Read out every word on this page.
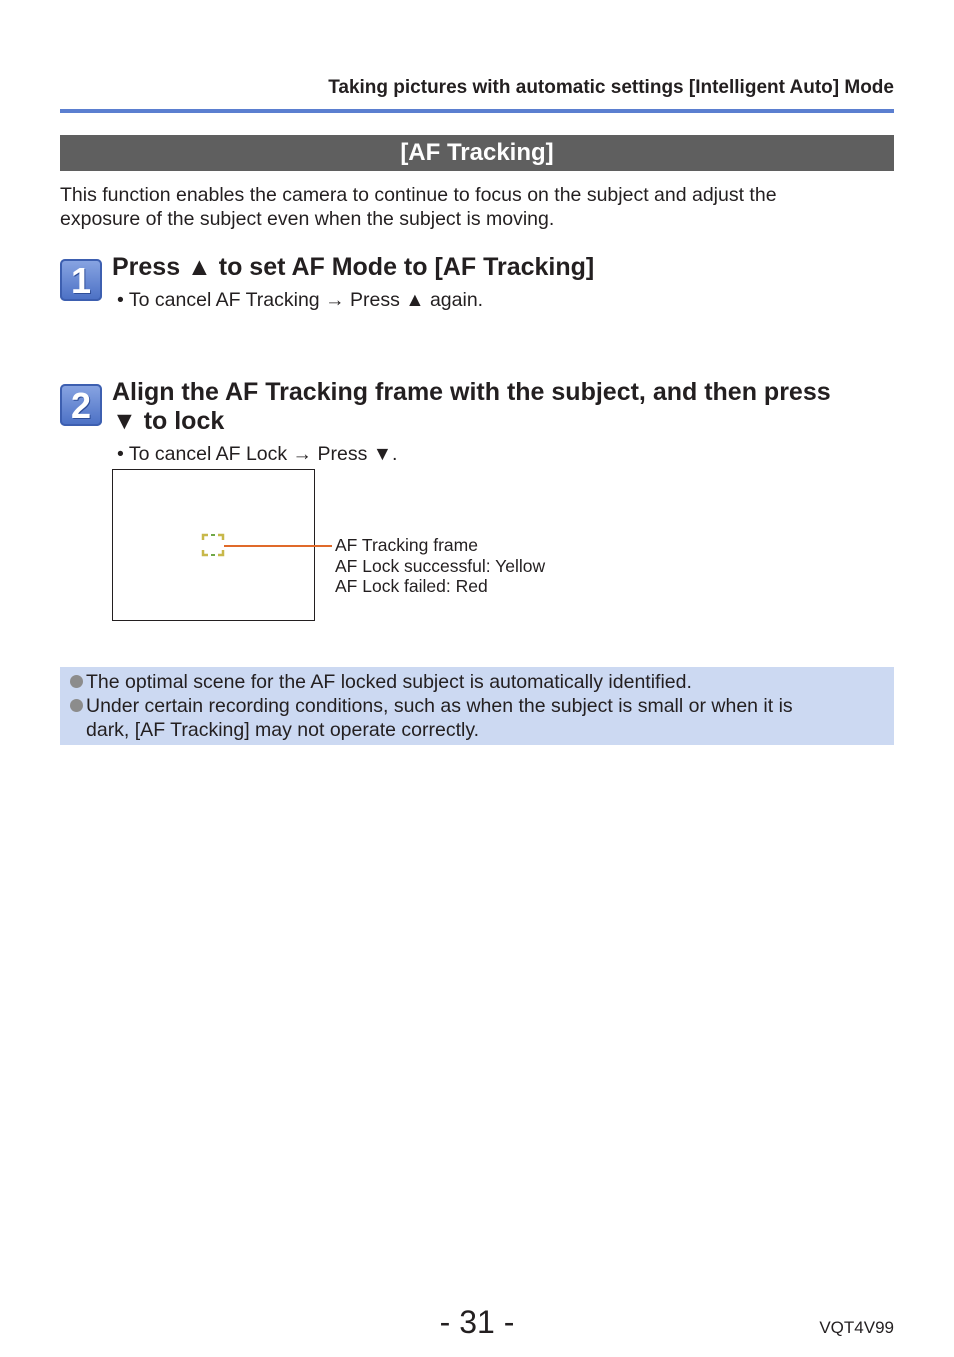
Taking pictures with automatic settings [Intelligent Auto] Mode
[AF Tracking]
This function enables the camera to continue to focus on the subject and adjust the
exposure of the subject even when the subject is moving.
1 Press ▲ to set AF Mode to [AF Tracking]
• To cancel AF Tracking → Press ▲ again.
2 Align the AF Tracking frame with the subject, and then press
▼ to lock
• To cancel AF Lock → Press ▼.
AF Tracking frame
AF Lock successful: Yellow
AF Lock failed: Red
The optimal scene for the AF locked subject is automatically identified.
Under certain recording conditions, such as when the subject is small or when it is
dark, [AF Tracking] may not operate correctly.
- 31 -	VQT4V99
